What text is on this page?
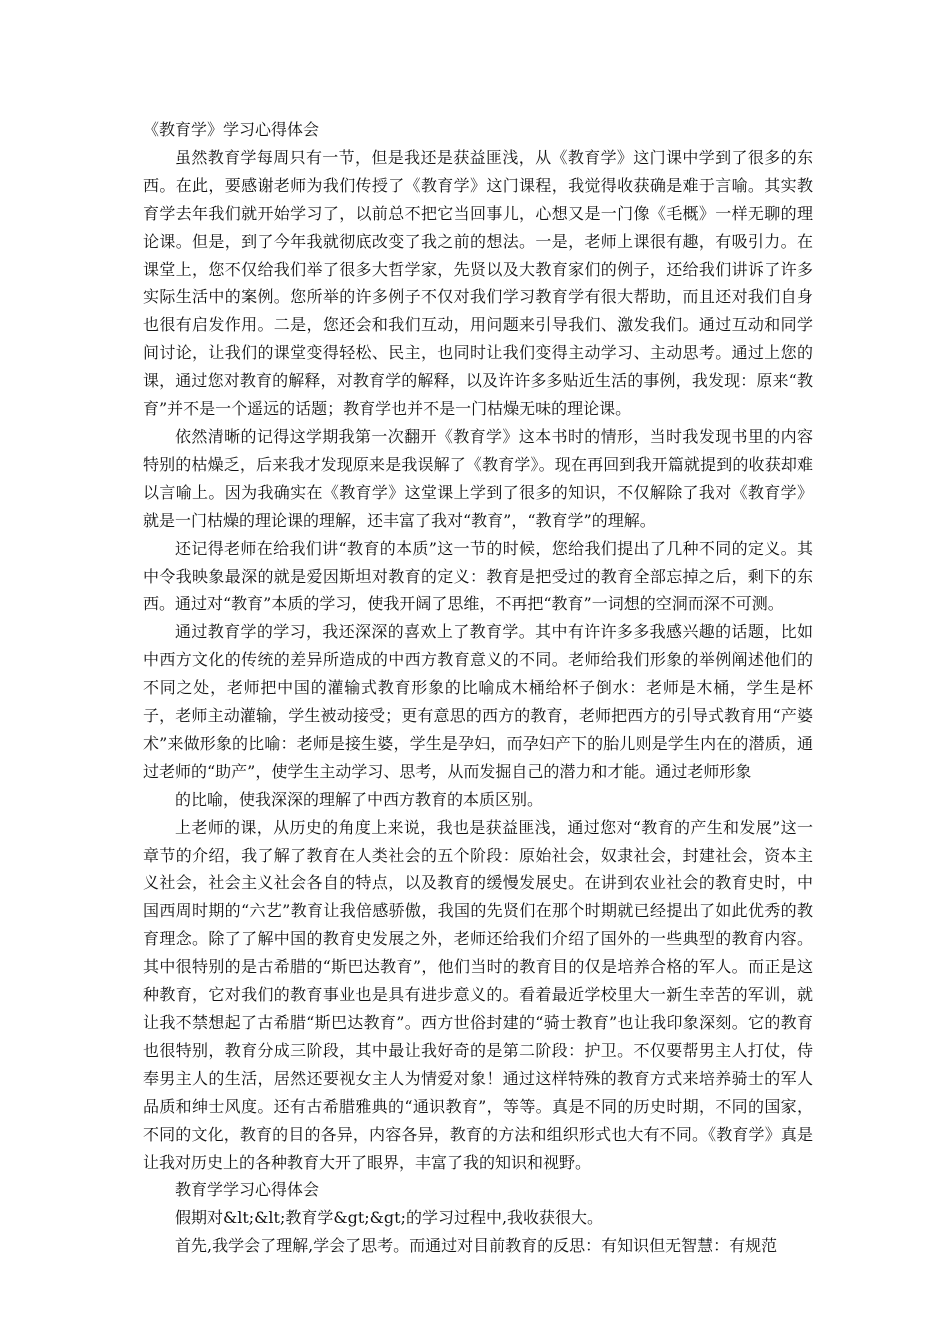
《教育学》学习心得体会

虽然教育学每周只有一节，但是我还是获益匪浅，从《教育学》这门课中学到了很多的东西。在此，要感谢老师为我们传授了《教育学》这门课程，我觉得收获确是难于言喻。其实教育学去年我们就开始学习了，以前总不把它当回事儿，心想又是一门像《毛概》一样无聊的理论课。但是，到了今年我就彻底改变了我之前的想法。一是，老师上课很有趣，有吸引力。在课堂上，您不仅给我们举了很多大哲学家，先贤以及大教育家们的例子，还给我们讲诉了许多实际生活中的案例。您所举的许多例子不仅对我们学习教育学有很大帮助，而且还对我们自身也很有启发作用。二是，您还会和我们互动，用问题来引导我们、激发我们。通过互动和同学间讨论，让我们的课堂变得轻松、民主，也同时让我们变得主动学习、主动思考。通过上您的课，通过您对教育的解释，对教育学的解释，以及许许多多贴近生活的事例，我发现：原来“教育”并不是一个遥远的话题；教育学也并不是一门枯燥无味的理论课。

依然清晰的记得这学期我第一次翻开《教育学》这本书时的情形，当时我发现书里的内容特别的枯燥乏，后来我才发现原来是我误解了《教育学》。现在再回到我开篇就提到的收获却难以言喻上。因为我确实在《教育学》这堂课上学到了很多的知识，不仅解除了我对《教育学》就是一门枯燥的理论课的理解，还丰富了我对“教育”，“教育学”的理解。

还记得老师在给我们讲“教育的本质”这一节的时候，您给我们提出了几种不同的定义。其中令我映象最深的就是爱因斯坦对教育的定义：教育是把受过的教育全部忘掉之后，剩下的东西。通过对“教育”本质的学习，使我开阔了思维，不再把“教育”一词想的空洞而深不可测。

通过教育学的学习，我还深深的喜欢上了教育学。其中有许许多多我感兴趣的话题，比如中西方文化的传统的差异所造成的中西方教育意义的不同。老师给我们形象的举例阐述他们的不同之处，老师把中国的灌输式教育形象的比喻成木桶给杯子倒水：老师是木桶，学生是杯子，老师主动灌输，学生被动接受；更有意思的西方的教育，老师把西方的引导式教育用“产婆术”来做形象的比喻：老师是接生婆，学生是孕妇，而孕妇产下的胎儿则是学生内在的潜质，通过老师的“助产”，使学生主动学习、思考，从而发掘自己的潜力和才能。通过老师形象

的比喻，使我深深的理解了中西方教育的本质区别。

上老师的课，从历史的角度上来说，我也是获益匪浅，通过您对“教育的产生和发展”这一章节的介绍，我了解了教育在人类社会的五个阶段：原始社会，奴隶社会，封建社会，资本主义社会，社会主义社会各自的特点，以及教育的缓慢发展史。在讲到农业社会的教育史时，中国西周时期的“六艺”教育让我倍感骄傲，我国的先贤们在那个时期就已经提出了如此优秀的教育理念。除了了解中国的教育史发展之外，老师还给我们介绍了国外的一些典型的教育内容。其中很特别的是古希腊的“斯巴达教育”，他们当时的教育目的仅是培养合格的军人。而正是这种教育，它对我们的教育事业也是具有进步意义的。看着最近学校里大一新生幸苦的军训，就让我不禁想起了古希腊“斯巴达教育”。西方世俗封建的“骑士教育”也让我印象深刻。它的教育也很特别，教育分成三阶段，其中最让我好奇的是第二阶段：护卫。不仅要帮男主人打仗，侍奉男主人的生活，居然还要视女主人为情爱对象！通过这样特殊的教育方式来培养骑士的军人品质和绅士风度。还有古希腊雅典的“通识教育”，等等。真是不同的历史时期，不同的国家，不同的文化，教育的目的各异，内容各异，教育的方法和组织形式也大有不同。《教育学》真是让我对历史上的各种教育大开了眼界，丰富了我的知识和视野。

教育学学习心得体会

假期对&lt;&lt;教育学&gt;&gt;的学习过程中,我收获很大。

首先,我学会了理解,学会了思考。而通过对目前教育的反思：有知识但无智慧：有规范
